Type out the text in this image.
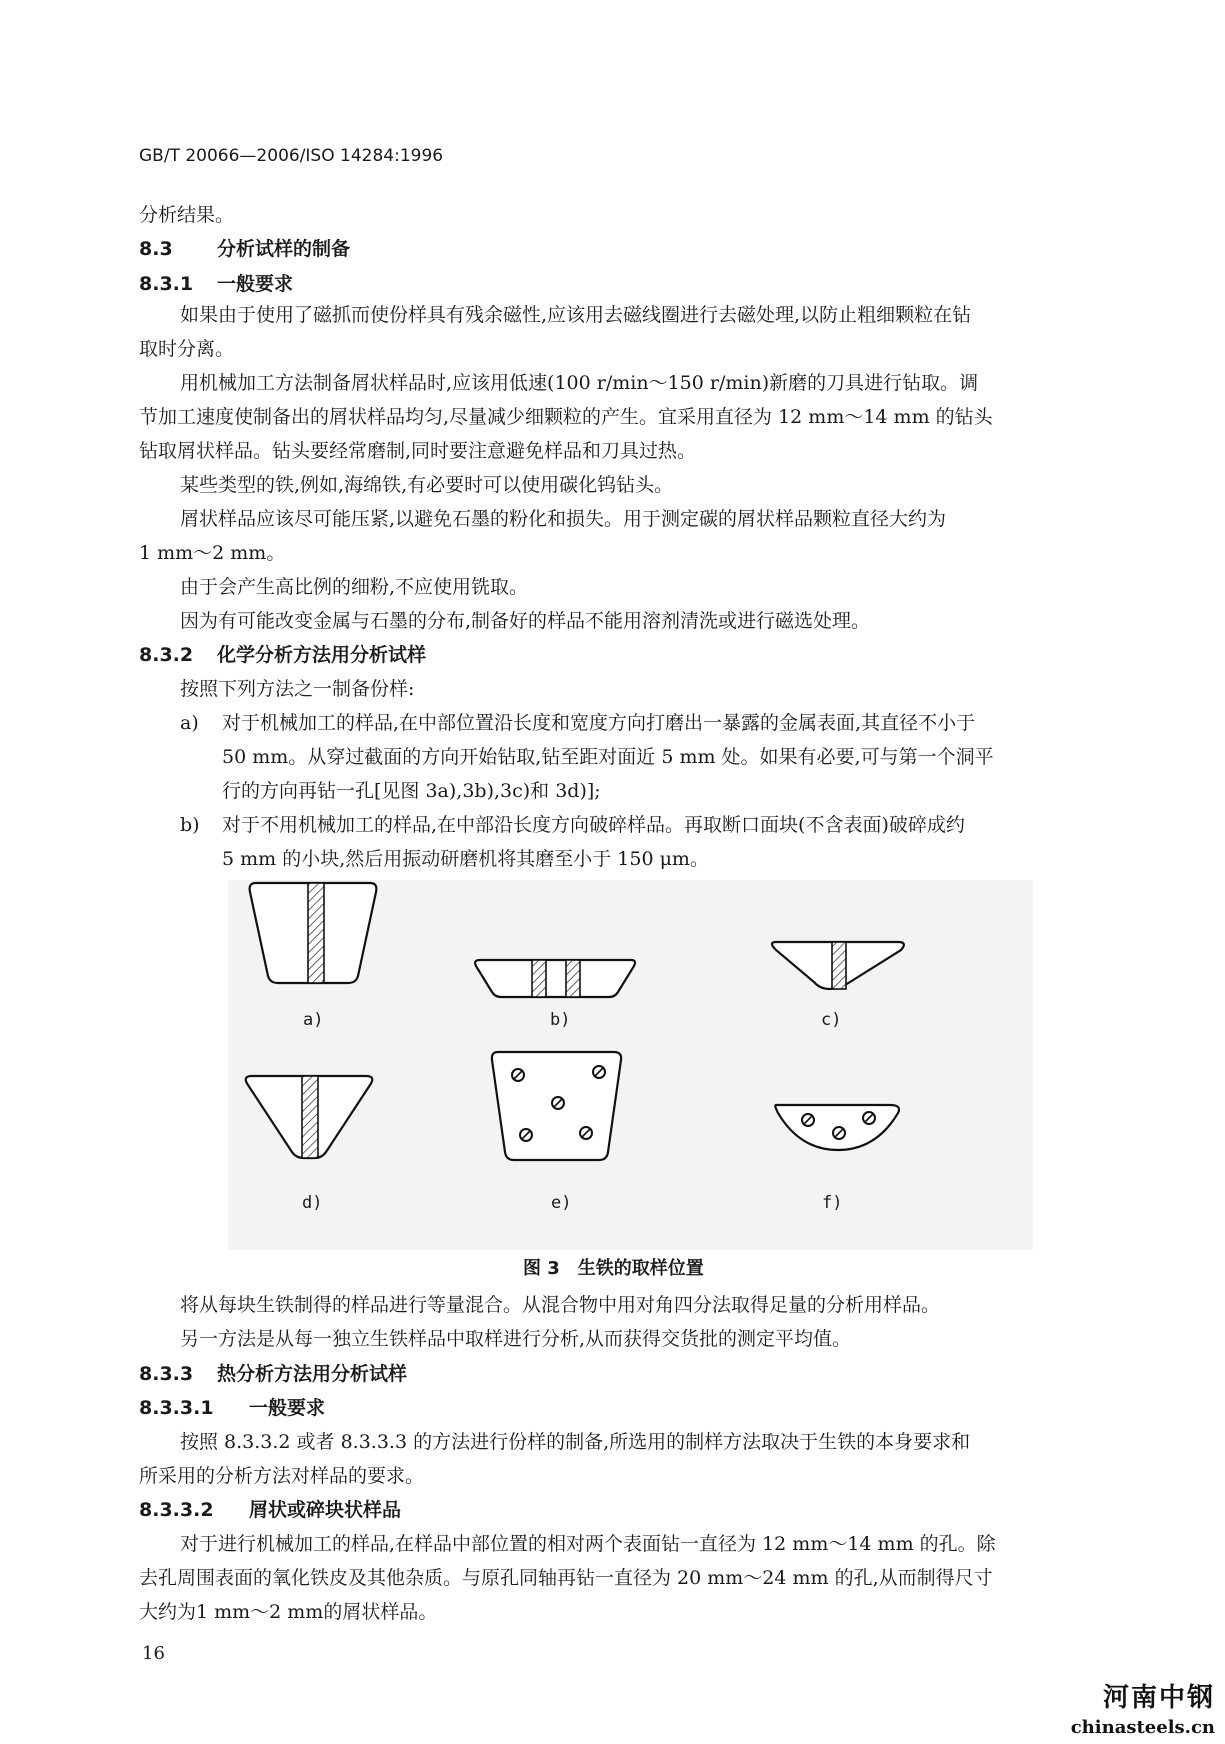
GB/T 20066—2006/ISO 14284:1996
分析结果。
8.3 分析试样的制备
8.3.1 一般要求
如果由于使用了磁抓而使份样具有残余磁性,应该用去磁线圈进行去磁处理,以防止粗细颗粒在钻
取时分离。
用机械加工方法制备屑状样品时,应该用低速(100 r/min～150 r/min)新磨的刀具进行钻取。调
节加工速度使制备出的屑状样品均匀,尽量减少细颗粒的产生。宜采用直径为 12 mm～14 mm 的钻头
钻取屑状样品。钻头要经常磨制,同时要注意避免样品和刀具过热。
某些类型的铁,例如,海绵铁,有必要时可以使用碳化钨钻头。
屑状样品应该尽可能压紧,以避免石墨的粉化和损失。用于测定碳的屑状样品颗粒直径大约为
1 mm～2 mm。
由于会产生高比例的细粉,不应使用铣取。
因为有可能改变金属与石墨的分布,制备好的样品不能用溶剂清洗或进行磁选处理。
8.3.2 化学分析方法用分析试样
按照下列方法之一制备份样:
a) 对于机械加工的样品,在中部位置沿长度和宽度方向打磨出一暴露的金属表面,其直径不小于
50 mm。从穿过截面的方向开始钻取,钻至距对面近 5 mm 处。如果有必要,可与第一个洞平
行的方向再钻一孔[见图 3a),3b),3c)和 3d)];
b) 对于不用机械加工的样品,在中部沿长度方向破碎样品。再取断口面块(不含表面)破碎成约
5 mm 的小块,然后用振动研磨机将其磨至小于 150 μm。
a)	b)	c)
d)	e)	f)
图 3　生铁的取样位置
将从每块生铁制得的样品进行等量混合。从混合物中用对角四分法取得足量的分析用样品。
另一方法是从每一独立生铁样品中取样进行分析,从而获得交货批的测定平均值。
8.3.3 热分析方法用分析试样
8.3.3.1 一般要求
按照 8.3.3.2 或者 8.3.3.3 的方法进行份样的制备,所选用的制样方法取决于生铁的本身要求和
所采用的分析方法对样品的要求。
8.3.3.2 屑状或碎块状样品
对于进行机械加工的样品,在样品中部位置的相对两个表面钻一直径为 12 mm～14 mm 的孔。除
去孔周围表面的氧化铁皮及其他杂质。与原孔同轴再钻一直径为 20 mm～24 mm 的孔,从而制得尺寸
大约为1 mm～2 mm的屑状样品。
16
河南中钢
chinasteels.cn
